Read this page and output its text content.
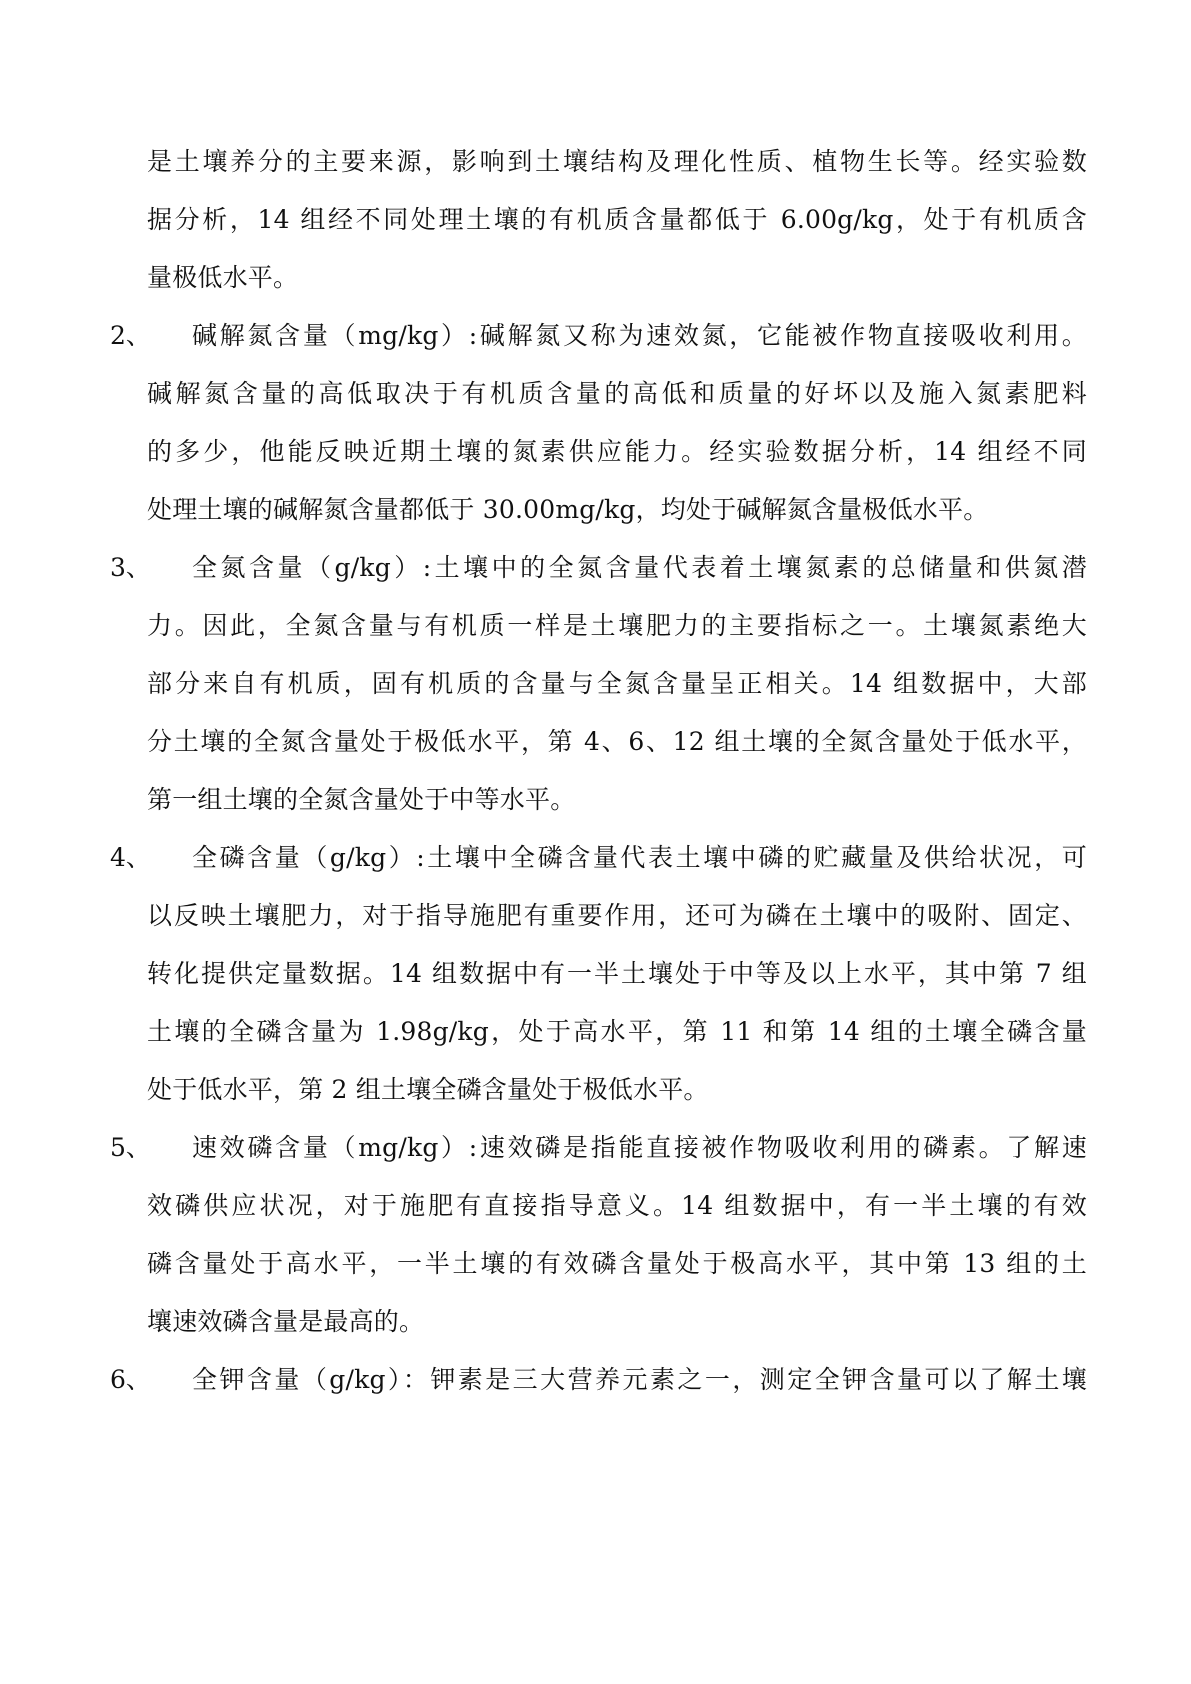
是土壤养分的主要来源，影响到土壤结构及理化性质、植物生长等。经实验数
据分析，14 组经不同处理土壤的有机质含量都低于 6.00g/kg，处于有机质含
量极低水平。
2、 碱解氮含量（mg/kg）:碱解氮又称为速效氮，它能被作物直接吸收利用。
碱解氮含量的高低取决于有机质含量的高低和质量的好坏以及施入氮素肥料
的多少，他能反映近期土壤的氮素供应能力。经实验数据分析，14 组经不同
处理土壤的碱解氮含量都低于 30.00mg/kg，均处于碱解氮含量极低水平。
3、 全氮含量（g/kg）:土壤中的全氮含量代表着土壤氮素的总储量和供氮潜
力。因此，全氮含量与有机质一样是土壤肥力的主要指标之一。土壤氮素绝大
部分来自有机质，固有机质的含量与全氮含量呈正相关。14 组数据中，大部
分土壤的全氮含量处于极低水平，第 4、6、12 组土壤的全氮含量处于低水平，
第一组土壤的全氮含量处于中等水平。
4、 全磷含量（g/kg）:土壤中全磷含量代表土壤中磷的贮藏量及供给状况，可
以反映土壤肥力，对于指导施肥有重要作用，还可为磷在土壤中的吸附、固定、
转化提供定量数据。14 组数据中有一半土壤处于中等及以上水平，其中第 7 组
土壤的全磷含量为 1.98g/kg，处于高水平，第 11 和第 14 组的土壤全磷含量
处于低水平，第 2 组土壤全磷含量处于极低水平。
5、 速效磷含量（mg/kg）:速效磷是指能直接被作物吸收利用的磷素。了解速
效磷供应状况，对于施肥有直接指导意义。14 组数据中，有一半土壤的有效
磷含量处于高水平，一半土壤的有效磷含量处于极高水平，其中第 13 组的土
壤速效磷含量是最高的。
6、 全钾含量（g/kg）：钾素是三大营养元素之一，测定全钾含量可以了解土壤
